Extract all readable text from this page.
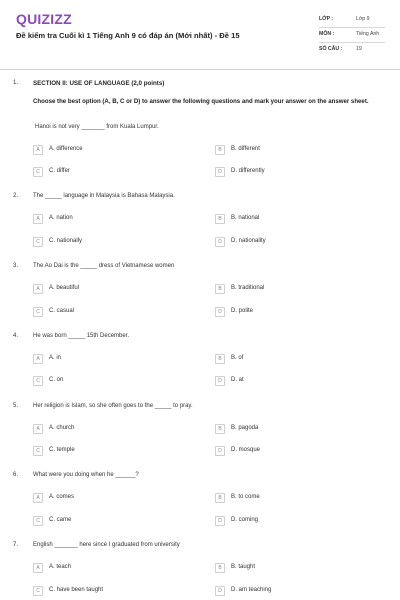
QUIZIZZ
Đề kiểm tra Cuối kì 1 Tiếng Anh 9 có đáp án (Mới nhất) - Đề 15
LỚP :	Lớp 9
MÔN :	Tiếng Anh
SỐ CÂU :	19
1. SECTION II: USE OF LANGUAGE (2,0 points)
Choose the best option (A, B, C or D) to answer the following questions and mark your answer on the answer sheet.
Hanoi is not very _______ from Kuala Lumpur.
A	A. difference	B	B. different
C	C. differ	D	D. differently
2. The _____ language in Malaysia is Bahasa Malaysia.
A	A. nation	B	B. national
C	C. nationally	D	D. nationality
3. The Ao Dai is the _____ dress of Vietnamese women
A	A. beautiful	B	B. traditional
C	C. casual	D	D. polite
4. He was born _____ 15th December.
A	A. in	B	B. of
C	C. on	D	D. at
5. Her religion is Islam, so she often goes to the _____ to pray.
A	A. church	B	B. pagoda
C	C. temple	D	D. mosque
6. What were you doing when he ______?
A	A. comes	B	B. to come
C	C. came	D	D. coming
7. English _______ here since I graduated from university
A	A. teach	B	B. taught
C	C. have been taught	D	D. am teaching
